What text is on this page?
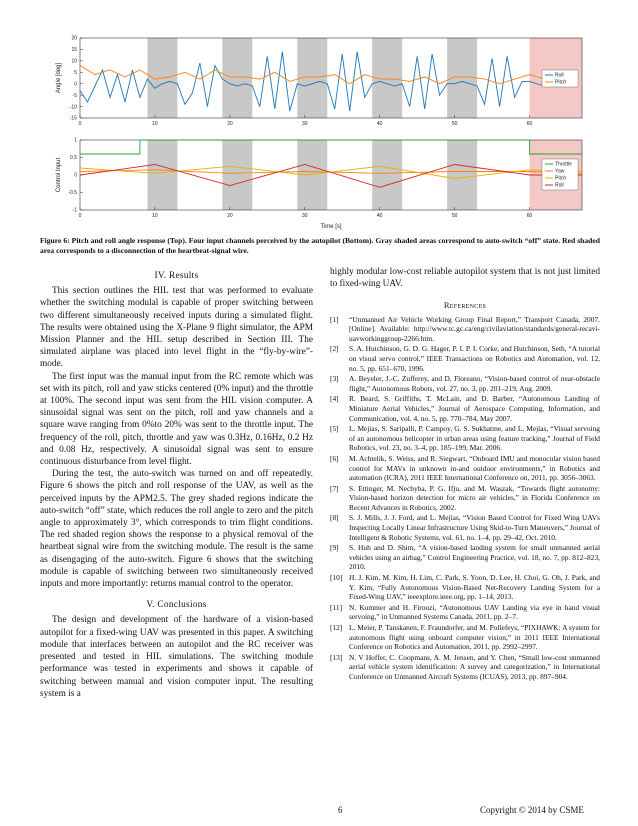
20
15
10
5
0
-5
-10
-15
0	10	20	30	40	50	60
Angle [deg]	Roll
Pitch
1
0.5
0
-0.5
-1
0	10	20	30	40	50	60
Control Input	Throttle
Yaw
Pitch
Roll
Time [s]
Figure 6: Pitch and roll angle response (Top). Four input channels perceived by the autopilot (Bottom). Gray shaded areas correspond to auto-switch “off” state. Red shaded area corresponds to a disconnection of the heartbeat-signal wire.
IV. Results

This section outlines the HIL test that was performed to evaluate whether the switching modulal is capable of proper switching between two different simultaneously received inputs during a simulated flight. The results were obtained using the X-Plane 9 flight simulator, the APM Mission Planner and the HIL setup described in Section III. The simulated airplane was placed into level flight in the “fly-by-wire”-mode.

The first input was the manual input from the RC remote which was set with its pitch, roll and yaw sticks centered (0% input) and the throttle at 100%. The second input was sent from the HIL vision computer. A sinusoidal signal was sent on the pitch, roll and yaw channels and a square wave ranging from 0%to 20% was sent to the throttle input. The frequency of the roll, pitch, throttle and yaw was 0.3Hz, 0.16Hz, 0.2 Hz and 0.08 Hz, respectively. A sinusoidal signal was sent to ensure continuous disturbance from level flight.

During the test, the auto-switch was turned on and off repeatedly. Figure 6 shows the pitch and roll response of the UAV, as well as the perceived inputs by the APM2.5. The grey shaded regions indicate the auto-switch “off” state, which reduces the roll angle to zero and the pitch angle to approximately 3°, which corresponds to trim flight conditions. The red shaded region shows the response to a physical removal of the heartbeat signal wire from the switching module. The result is the same as disengaging of the auto-switch. Figure 6 shows that the switching module is capable of switching between two simultaneously received inputs and more importantly: returns manual control to the operator.

V. Conclusions

The design and development of the hardware of a vision-based autopilot for a fixed-wing UAV was presented in this paper. A switching module that interfaces between an autopilot and the RC receiver was presented and tested in HIL simulations. The switching module performance was tested in experiments and shows it capable of switching between manual and vision computer input. The resulting system is a

highly modular low-cost reliable autopilot system that is not just limited to fixed-wing UAV.

References
[1]	“Unmanned Air Vehicle Working Group Final Report,” Transport Canada, 2007. [Online]. Available: http://www.tc.gc.ca/eng/civilaviation/standards/general-recavi-uavworkinggroup-2266.htm.
[2]	S. A. Hutchinson, G. D. G. Hager, P. I. P. I. Corke, and Hutchinson, Seth, “A tutorial on visual servo control,” IEEE Transactions on Robotics and Automation, vol. 12, no. 5, pp. 651–670, 1996.
[3]	A. Beyeler, J.-C. Zufferey, and D. Floreano, “Vision-based control of near-obstacle flight,” Autonomous Robots, vol. 27, no. 3, pp. 201–219, Aug. 2009.
[4]	R. Beard, S. Griffiths, T. McLain, and D. Barber, “Autonomous Landing of Miniature Aerial Vehicles,” Journal of Aerospace Computing, Information, and Communication, vol. 4, no. 5, pp. 770–784, May 2007.
[5]	L. Mejias, S. Saripalli, P. Campoy, G. S. Sukhatme, and L. Mejías, “Visual servoing of an autonomous helicopter in urban areas using feature tracking,” Journal of Field Robotics, vol. 23, no. 3–4, pp. 185–199, Mar. 2006.
[6]	M. Achtelik, S. Weiss, and R. Siegwart, “Onboard IMU and monocular vision based control for MAVs in unknown in-and outdoor environments,” in Robotics and automation (ICRA), 2011 IEEE International Conference on, 2011, pp. 3056–3063.
[7]	S. Ettinger, M. Nechyba, P. G. Ifju, and M. Waszak, “Towards flight autonomy: Vision-based horizon detection for micro air vehicles,” in Florida Conference on Recent Advances in Robotics, 2002.
[8]	S. J. Mills, J. J. Ford, and L. Mejías, “Vision Based Control for Fixed Wing UAVs Inspecting Locally Linear Infrastructure Using Skid-to-Turn Maneuvers,” Journal of Intelligent & Robotic Systems, vol. 61, no. 1–4, pp. 29–42, Oct. 2010.
[9]	S. Huh and D. Shim, “A vision-based landing system for small unmanned aerial vehicles using an airbag,” Control Engineering Practice, vol. 18, no. 7, pp. 812–823, 2010.
[10] H. J. Kim, M. Kim, H. Lim, C. Park, S. Yoon, D. Lee, H. Choi, G. Oh, J. Park, and Y. Kim, “Fully Autonomous Vision-Based Net-Recovery Landing System for a Fixed-Wing UAV,” ieeexplore.ieee.org, pp. 1–14, 2013.
[11] N. Kummer and H. Firouzi, “Autonomous UAV Landing via eye in hand visual servoing,” in Unmanned Systems Canada, 2011, pp. 2–7.
[12] L. Meier, P. Tanskanen, F. Fraundorfer, and M. Pollefeys, “PIXHAWK: A system for autonomous flight using onboard computer vision,” in 2011 IEEE International Conference on Robotics and Automation, 2011, pp. 2992–2997.
[13] N. V Hoffer, C. Coopmans, A. M. Jensen, and Y. Chen, “Small low-cost unmanned aerial vehicle system identification: A survey and categorization,” in International Conference on Unmanned Aircraft Systems (ICUAS), 2013, pp. 897–904.
6	Copyright © 2014 by CSME
